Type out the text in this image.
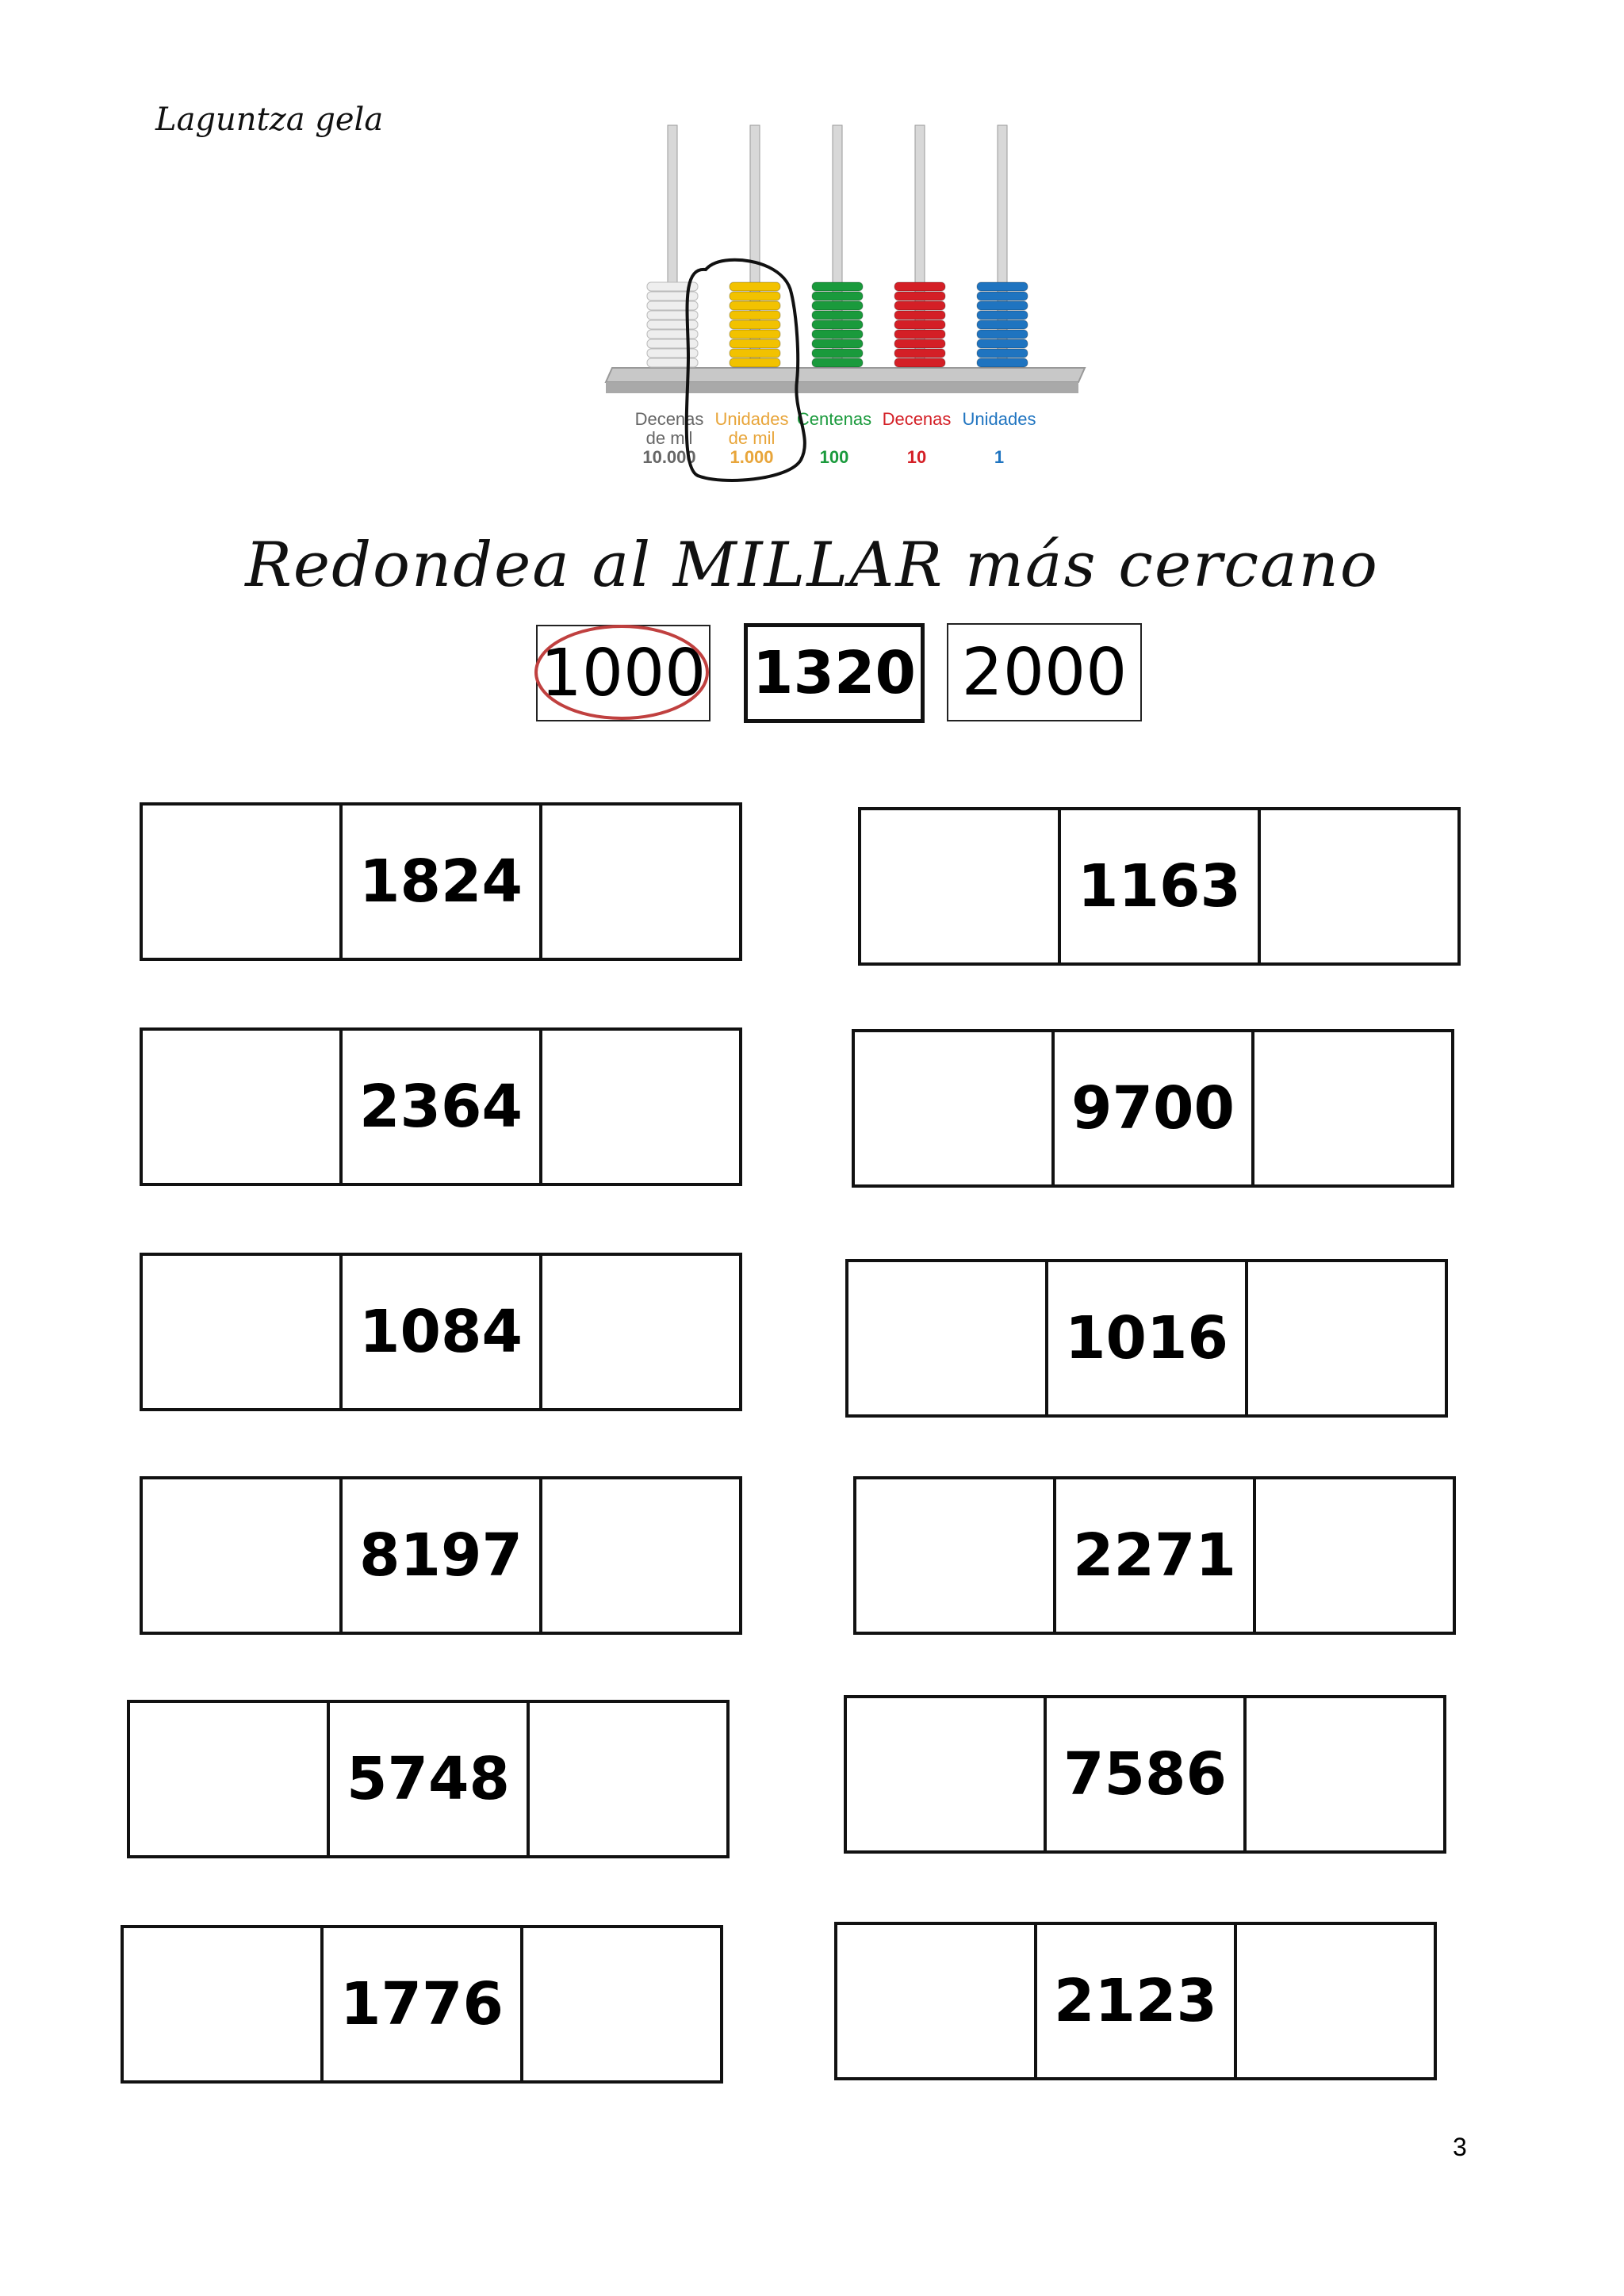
Laguntza gela
Decenas
de mil
10.000
Unidades
de mil
1.000
Centenas
100
Decenas
10
Unidades
1
Redondea al MILLAR más cercano
1000 1320 2000
1824
2364
1084
8197
5748
1776
1163
9700
1016
2271
7586
2123
3
